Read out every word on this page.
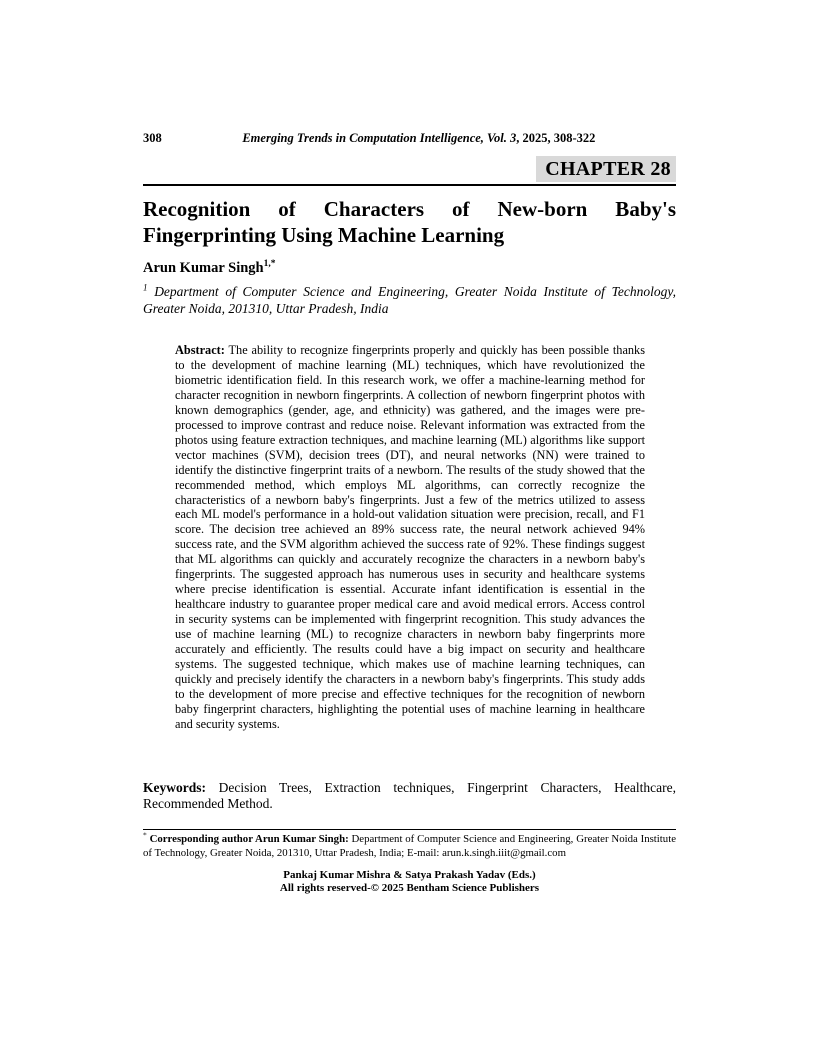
308	Emerging Trends in Computation Intelligence, Vol. 3, 2025, 308-322
CHAPTER 28
Recognition of Characters of New-born Baby's
Fingerprinting Using Machine Learning
Arun Kumar Singh$^{1,*}$
$^1$ Department of Computer Science and Engineering, Greater Noida Institute of Technology, Greater Noida, 201310, Uttar Pradesh, India
Abstract: The ability to recognize fingerprints properly and quickly has been possible thanks to the development of machine learning (ML) techniques, which have revolutionized the biometric identification field. In this research work, we offer a machine-learning method for character recognition in newborn fingerprints. A collection of newborn fingerprint photos with known demographics (gender, age, and ethnicity) was gathered, and the images were pre-processed to improve contrast and reduce noise. Relevant information was extracted from the photos using feature extraction techniques, and machine learning (ML) algorithms like support vector machines (SVM), decision trees (DT), and neural networks (NN) were trained to identify the distinctive fingerprint traits of a newborn. The results of the study showed that the recommended method, which employs ML algorithms, can correctly recognize the characteristics of a newborn baby's fingerprints. Just a few of the metrics utilized to assess each ML model's performance in a hold-out validation situation were precision, recall, and F1 score. The decision tree achieved an 89% success rate, the neural network achieved 94% success rate, and the SVM algorithm achieved the success rate of 92%. These findings suggest that ML algorithms can quickly and accurately recognize the characters in a newborn baby's fingerprints. The suggested approach has numerous uses in security and healthcare systems where precise identification is essential. Accurate infant identification is essential in the healthcare industry to guarantee proper medical care and avoid medical errors. Access control in security systems can be implemented with fingerprint recognition. This study advances the use of machine learning (ML) to recognize characters in newborn baby fingerprints more accurately and efficiently. The results could have a big impact on security and healthcare systems. The suggested technique, which makes use of machine learning techniques, can quickly and precisely identify the characters in a newborn baby's fingerprints. This study adds to the development of more precise and effective techniques for the recognition of newborn baby fingerprint characters, highlighting the potential uses of machine learning in healthcare and security systems.
Keywords: Decision Trees, Extraction techniques, Fingerprint Characters, Healthcare, Recommended Method.
* Corresponding author Arun Kumar Singh: Department of Computer Science and Engineering, Greater Noida Institute of Technology, Greater Noida, 201310, Uttar Pradesh, India; E-mail: arun.k.singh.iiit@gmail.com
Pankaj Kumar Mishra & Satya Prakash Yadav (Eds.)
All rights reserved-© 2025 Bentham Science Publishers
